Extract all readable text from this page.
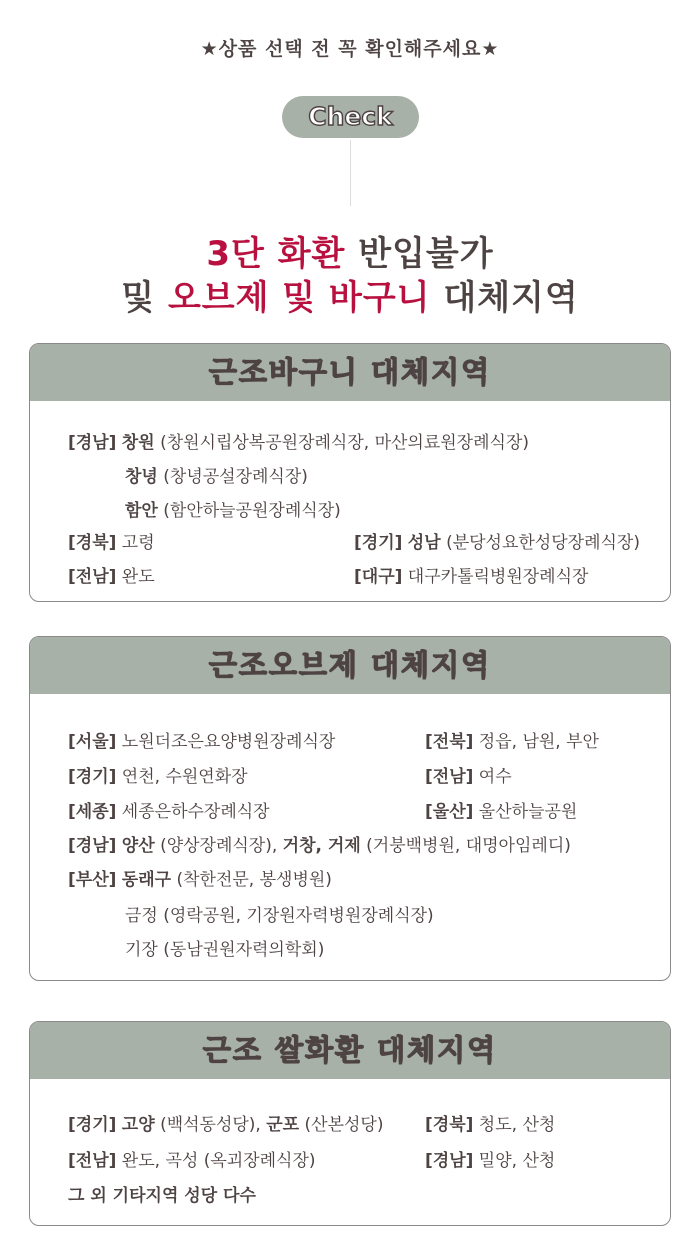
★상품 선택 전 꼭 확인해주세요★
Check
3단 화환 반입불가
및 오브제 및 바구니 대체지역
근조바구니 대체지역
[경남] 창원 (창원시립상복공원장례식장, 마산의료원장례식장)
창녕 (창녕공설장례식장)
함안 (함안하늘공원장례식장)
[경북] 고령	[경기] 성남 (분당성요한성당장례식장)
[전남] 완도	[대구] 대구카톨릭병원장례식장
근조오브제 대체지역
[서울] 노원더조은요양병원장례식장	[전북] 정읍, 남원, 부안
[경기] 연천, 수원연화장	[전남] 여수
[세종] 세종은하수장례식장	[울산] 울산하늘공원
[경남] 양산 (양상장례식장), 거창, 거제 (거붕백병원, 대명아임레디)
[부산] 동래구 (착한전문, 봉생병원)
금정 (영락공원, 기장원자력병원장례식장)
기장 (동남권원자력의학회)
근조 쌀화환 대체지역
[경기] 고양 (백석동성당), 군포 (산본성당) [경북] 청도, 산청
[전남] 완도, 곡성 (옥괴장례식장)	[경남] 밀양, 산청
그 외 기타지역 성당 다수
